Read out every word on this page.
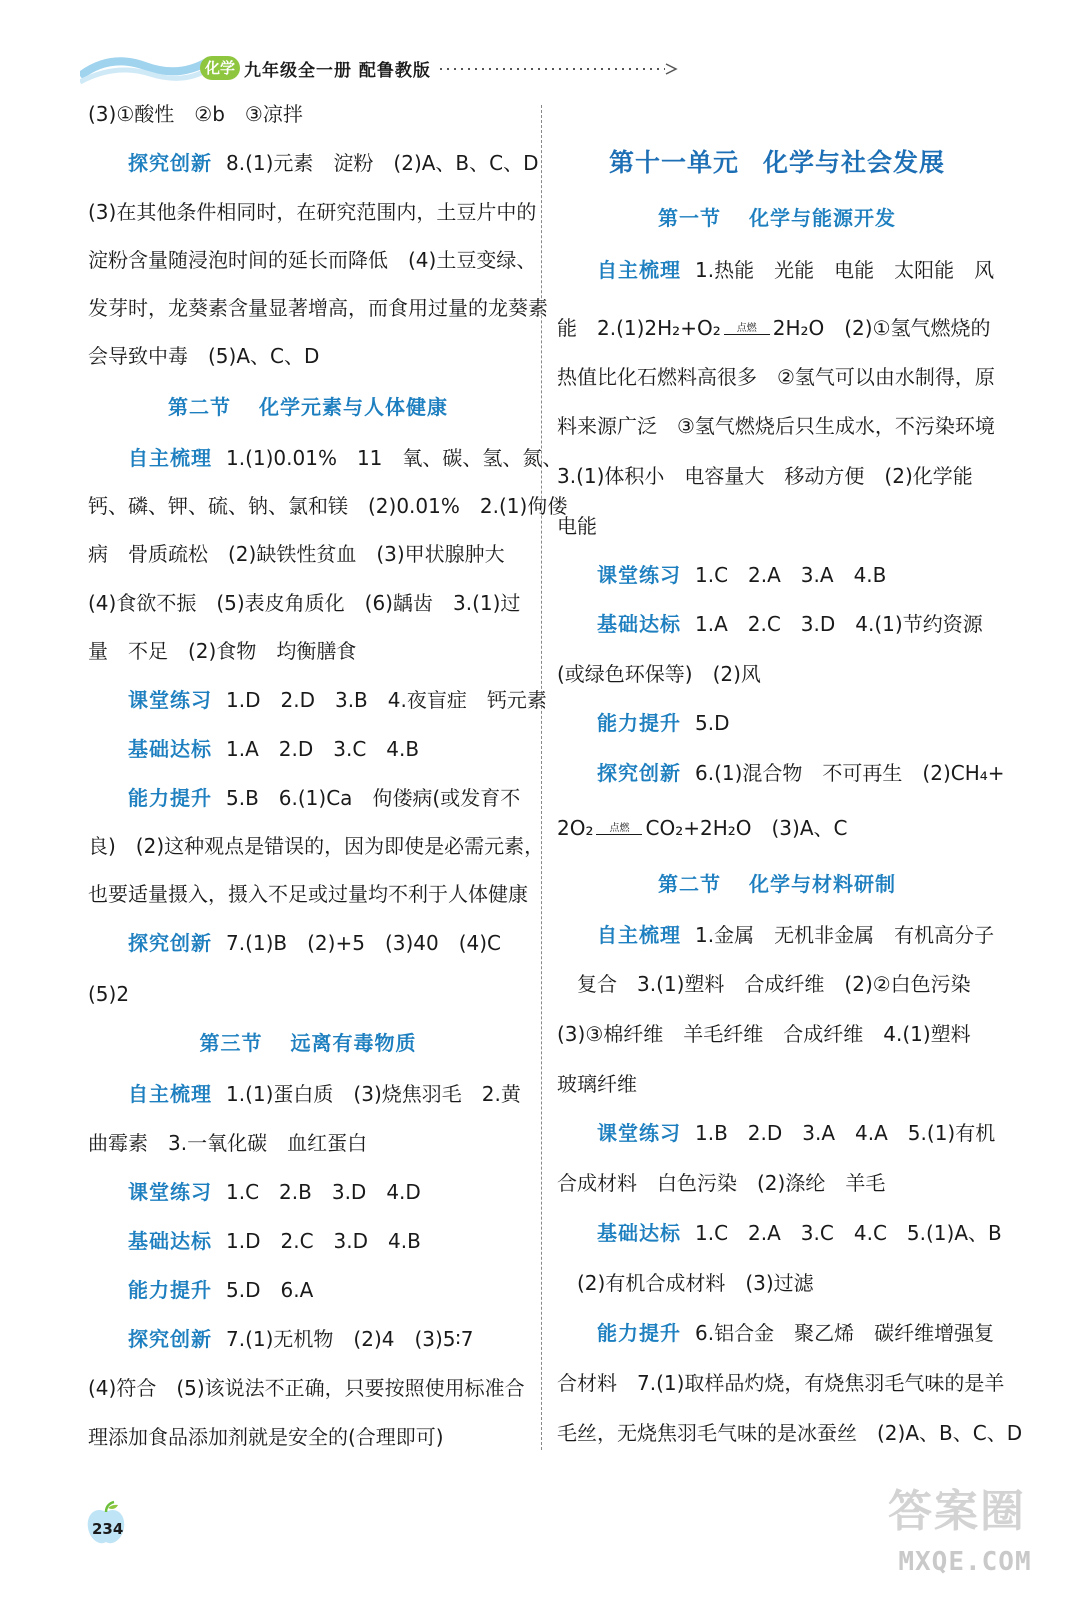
化学 九年级全一册 配鲁教版
(3)①酸性　②b　③凉拌
探究创新 8.(1)元素　淀粉　(2)A、B、C、D
(3)在其他条件相同时，在研究范围内，土豆片中的
淀粉含量随浸泡时间的延长而降低　(4)土豆变绿、
发芽时，龙葵素含量显著增高，而食用过量的龙葵素
会导致中毒　(5)A、C、D
第二节 化学元素与人体健康
自主梳理 1.(1)0.01%　11　氧、碳、氢、氮、
钙、磷、钾、硫、钠、氯和镁　(2)0.01%　2.(1)佝偻
病　骨质疏松　(2)缺铁性贫血　(3)甲状腺肿大
(4)食欲不振　(5)表皮角质化　(6)龋齿　3.(1)过
量　不足　(2)食物　均衡膳食
课堂练习 1.D　2.D　3.B　4.夜盲症　钙元素
基础达标 1.A　2.D　3.C　4.B
能力提升 5.B　6.(1)Ca　佝偻病(或发育不
良)　(2)这种观点是错误的，因为即使是必需元素，
也要适量摄入，摄入不足或过量均不利于人体健康
探究创新 7.(1)B　(2)+5　(3)40　(4)C
(5)2
第三节 远离有毒物质
自主梳理 1.(1)蛋白质　(3)烧焦羽毛　2.黄
曲霉素　3.一氧化碳　血红蛋白
课堂练习 1.C　2.B　3.D　4.D
基础达标 1.D　2.C　3.D　4.B
能力提升 5.D　6.A
探究创新 7.(1)无机物　(2)4　(3)5∶7
(4)符合　(5)该说法不正确，只要按照使用标准合
理添加食品添加剂就是安全的(合理即可)
第十一单元 化学与社会发展
第一节 化学与能源开发
自主梳理 1.热能　光能　电能　太阳能　风
能　2.(1)2H₂+O₂	点燃 2H₂O　(2)①氢气燃烧的
热值比化石燃料高很多　②氢气可以由水制得，原
料来源广泛　③氢气燃烧后只生成水，不污染环境
3.(1)体积小　电容量大　移动方便　(2)化学能
电能
课堂练习 1.C　2.A　3.A　4.B
基础达标 1.A　2.C　3.D　4.(1)节约资源
(或绿色环保等)　(2)风
能力提升 5.D
探究创新 6.(1)混合物　不可再生　(2)CH₄+
2O₂	点燃 CO₂+2H₂O　(3)A、C
第二节 化学与材料研制
自主梳理 1.金属　无机非金属　有机高分子
复合　3.(1)塑料　合成纤维　(2)②白色污染
(3)③棉纤维　羊毛纤维　合成纤维　4.(1)塑料
玻璃纤维
课堂练习 1.B　2.D　3.A　4.A　5.(1)有机
合成材料　白色污染　(2)涤纶　羊毛
基础达标 1.C　2.A　3.C　4.C　5.(1)A、B
(2)有机合成材料　(3)过滤
能力提升 6.铝合金　聚乙烯　碳纤维增强复
合材料　7.(1)取样品灼烧，有烧焦羽毛气味的是羊
毛丝，无烧焦羽毛气味的是冰蚕丝　(2)A、B、C、D
234	答案圈
MXQE.COM
